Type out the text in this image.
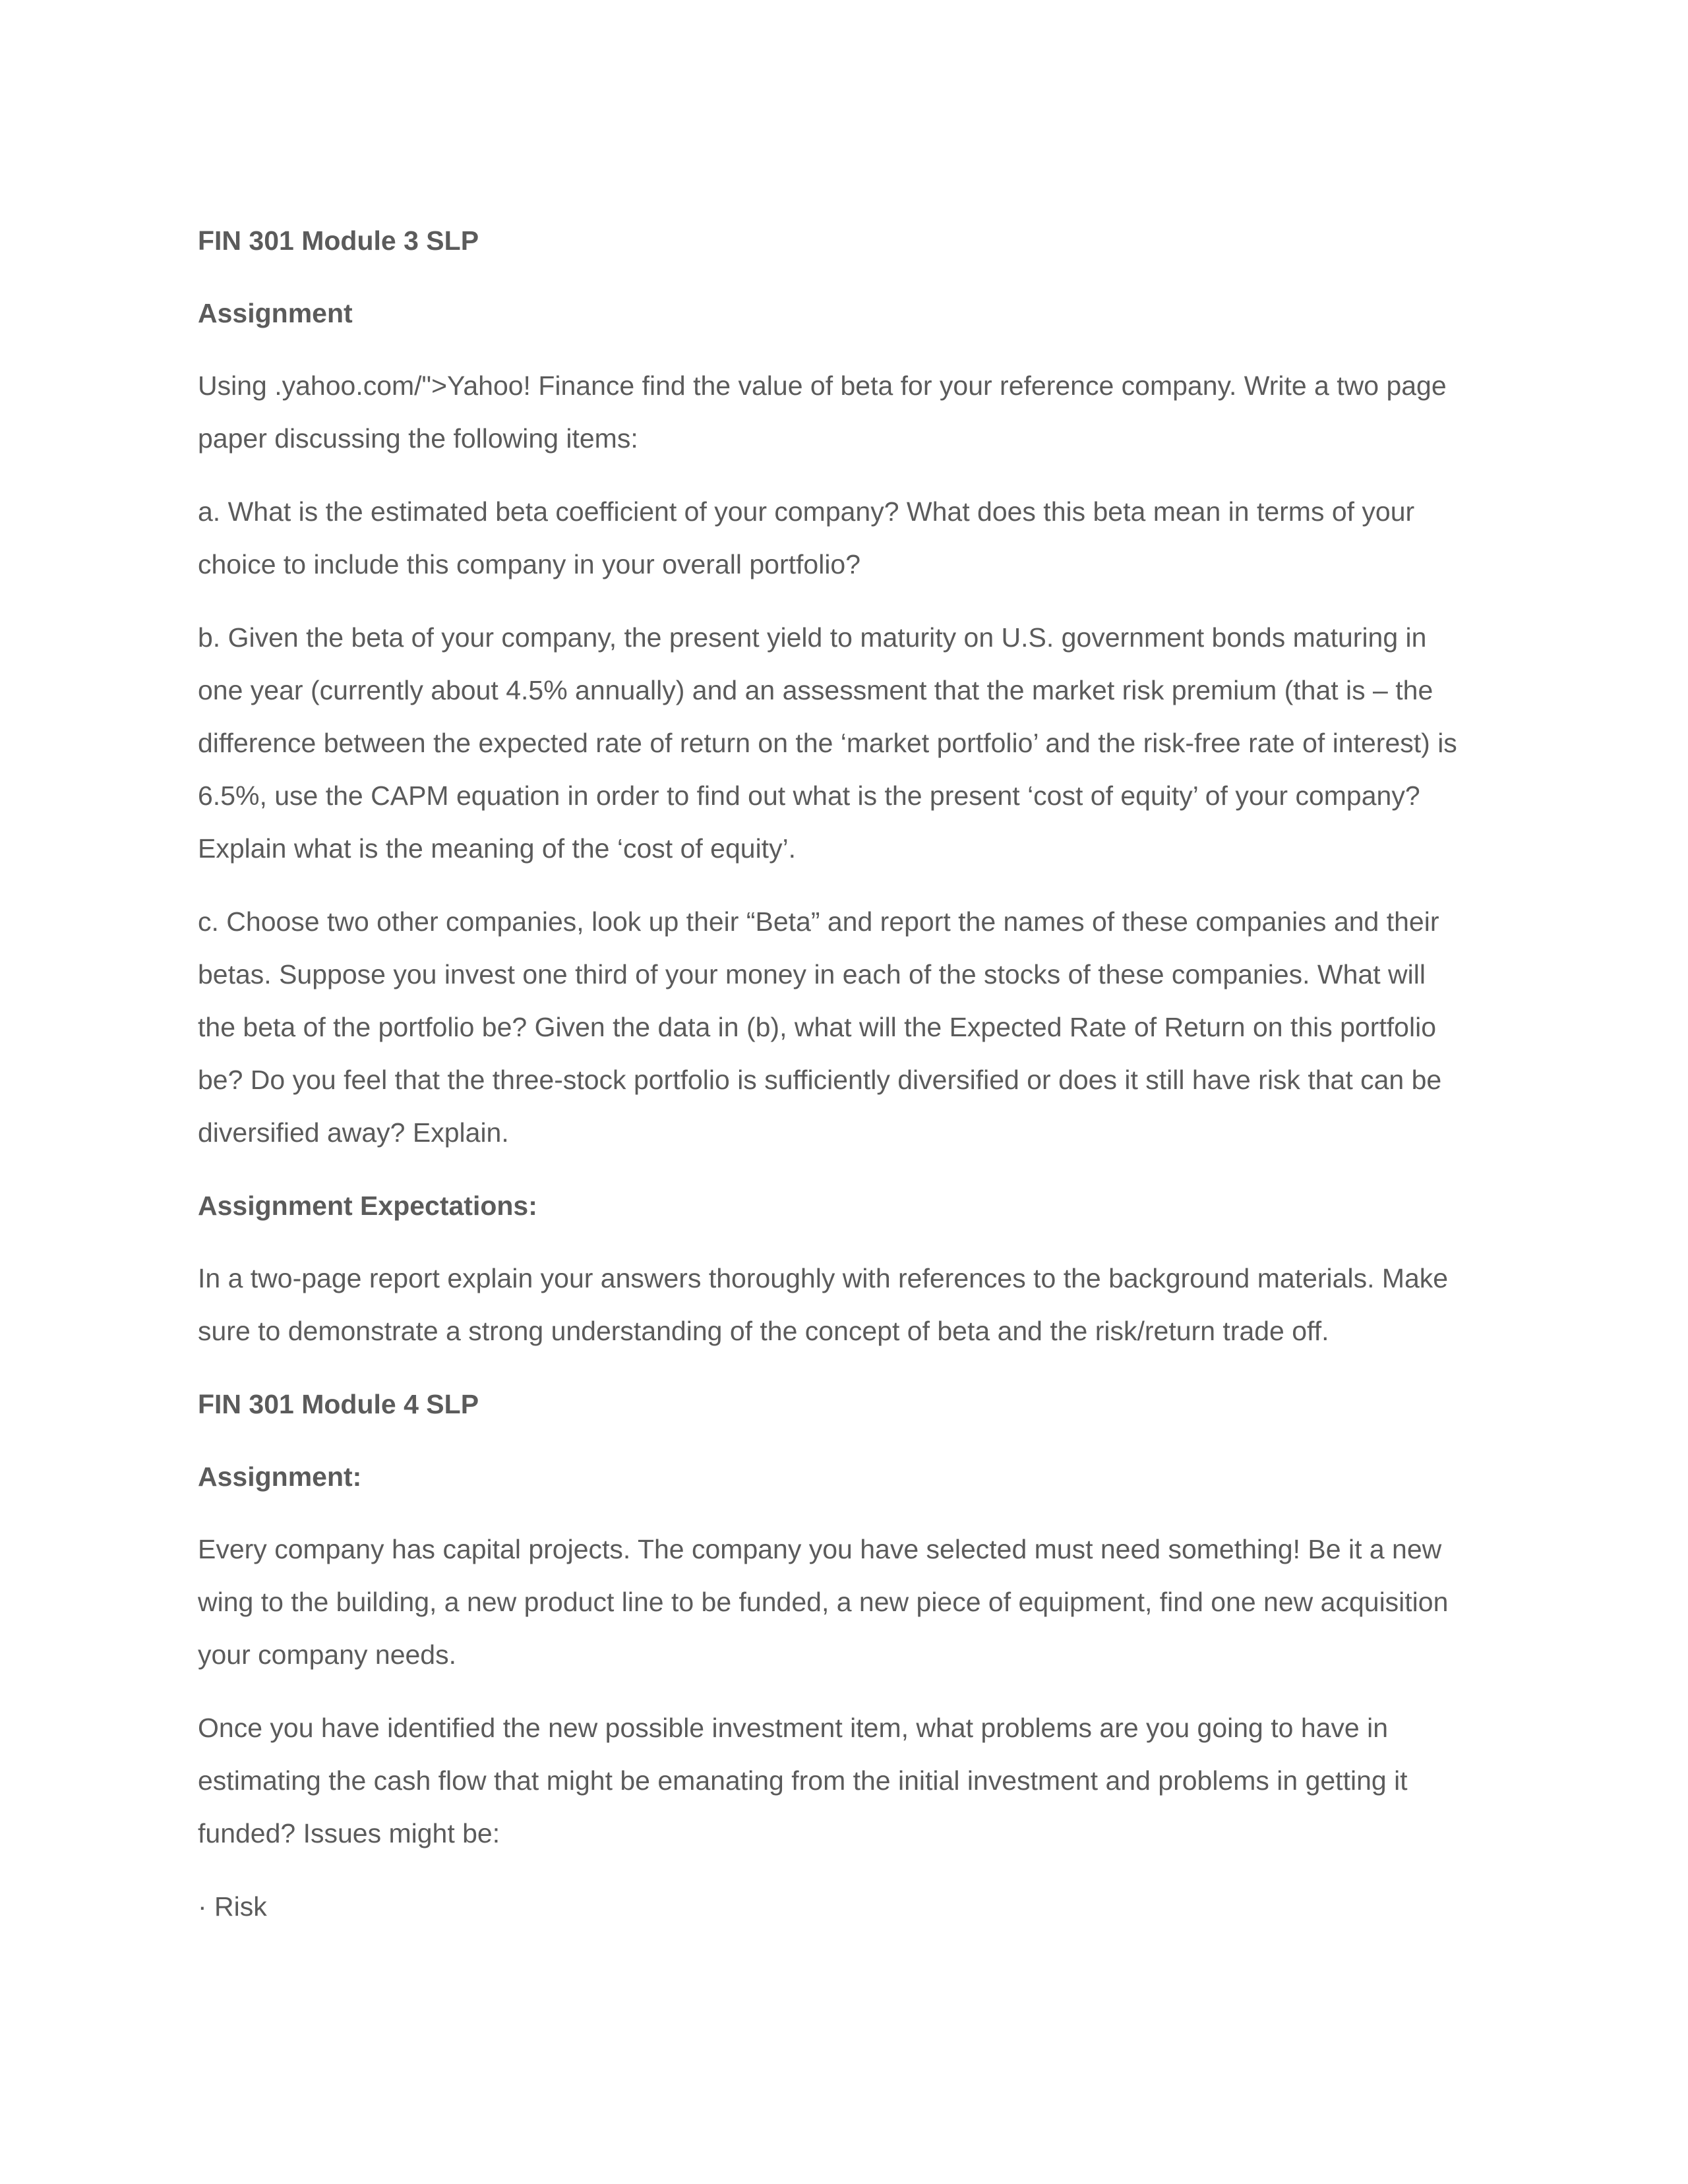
FIN 301 Module 3 SLP
Assignment
Using .yahoo.com/">Yahoo! Finance find the value of beta for your reference company. Write a two page
paper discussing the following items:
a. What is the estimated beta coefficient of your company? What does this beta mean in terms of your
choice to include this company in your overall portfolio?
b. Given the beta of your company, the present yield to maturity on U.S. government bonds maturing in
one year (currently about 4.5% annually) and an assessment that the market risk premium (that is – the
difference between the expected rate of return on the ‘market portfolio’ and the risk-free rate of interest) is
6.5%, use the CAPM equation in order to find out what is the present ‘cost of equity’ of your company?
Explain what is the meaning of the ‘cost of equity’.
c. Choose two other companies, look up their “Beta” and report the names of these companies and their
betas. Suppose you invest one third of your money in each of the stocks of these companies. What will
the beta of the portfolio be? Given the data in (b), what will the Expected Rate of Return on this portfolio
be? Do you feel that the three-stock portfolio is sufficiently diversified or does it still have risk that can be
diversified away? Explain.
Assignment Expectations:
In a two-page report explain your answers thoroughly with references to the background materials. Make
sure to demonstrate a strong understanding of the concept of beta and the risk/return trade off.
FIN 301 Module 4 SLP
Assignment:
Every company has capital projects. The company you have selected must need something! Be it a new
wing to the building, a new product line to be funded, a new piece of equipment, find one new acquisition
your company needs.
Once you have identified the new possible investment item, what problems are you going to have in
estimating the cash flow that might be emanating from the initial investment and problems in getting it
funded? Issues might be:
· Risk
